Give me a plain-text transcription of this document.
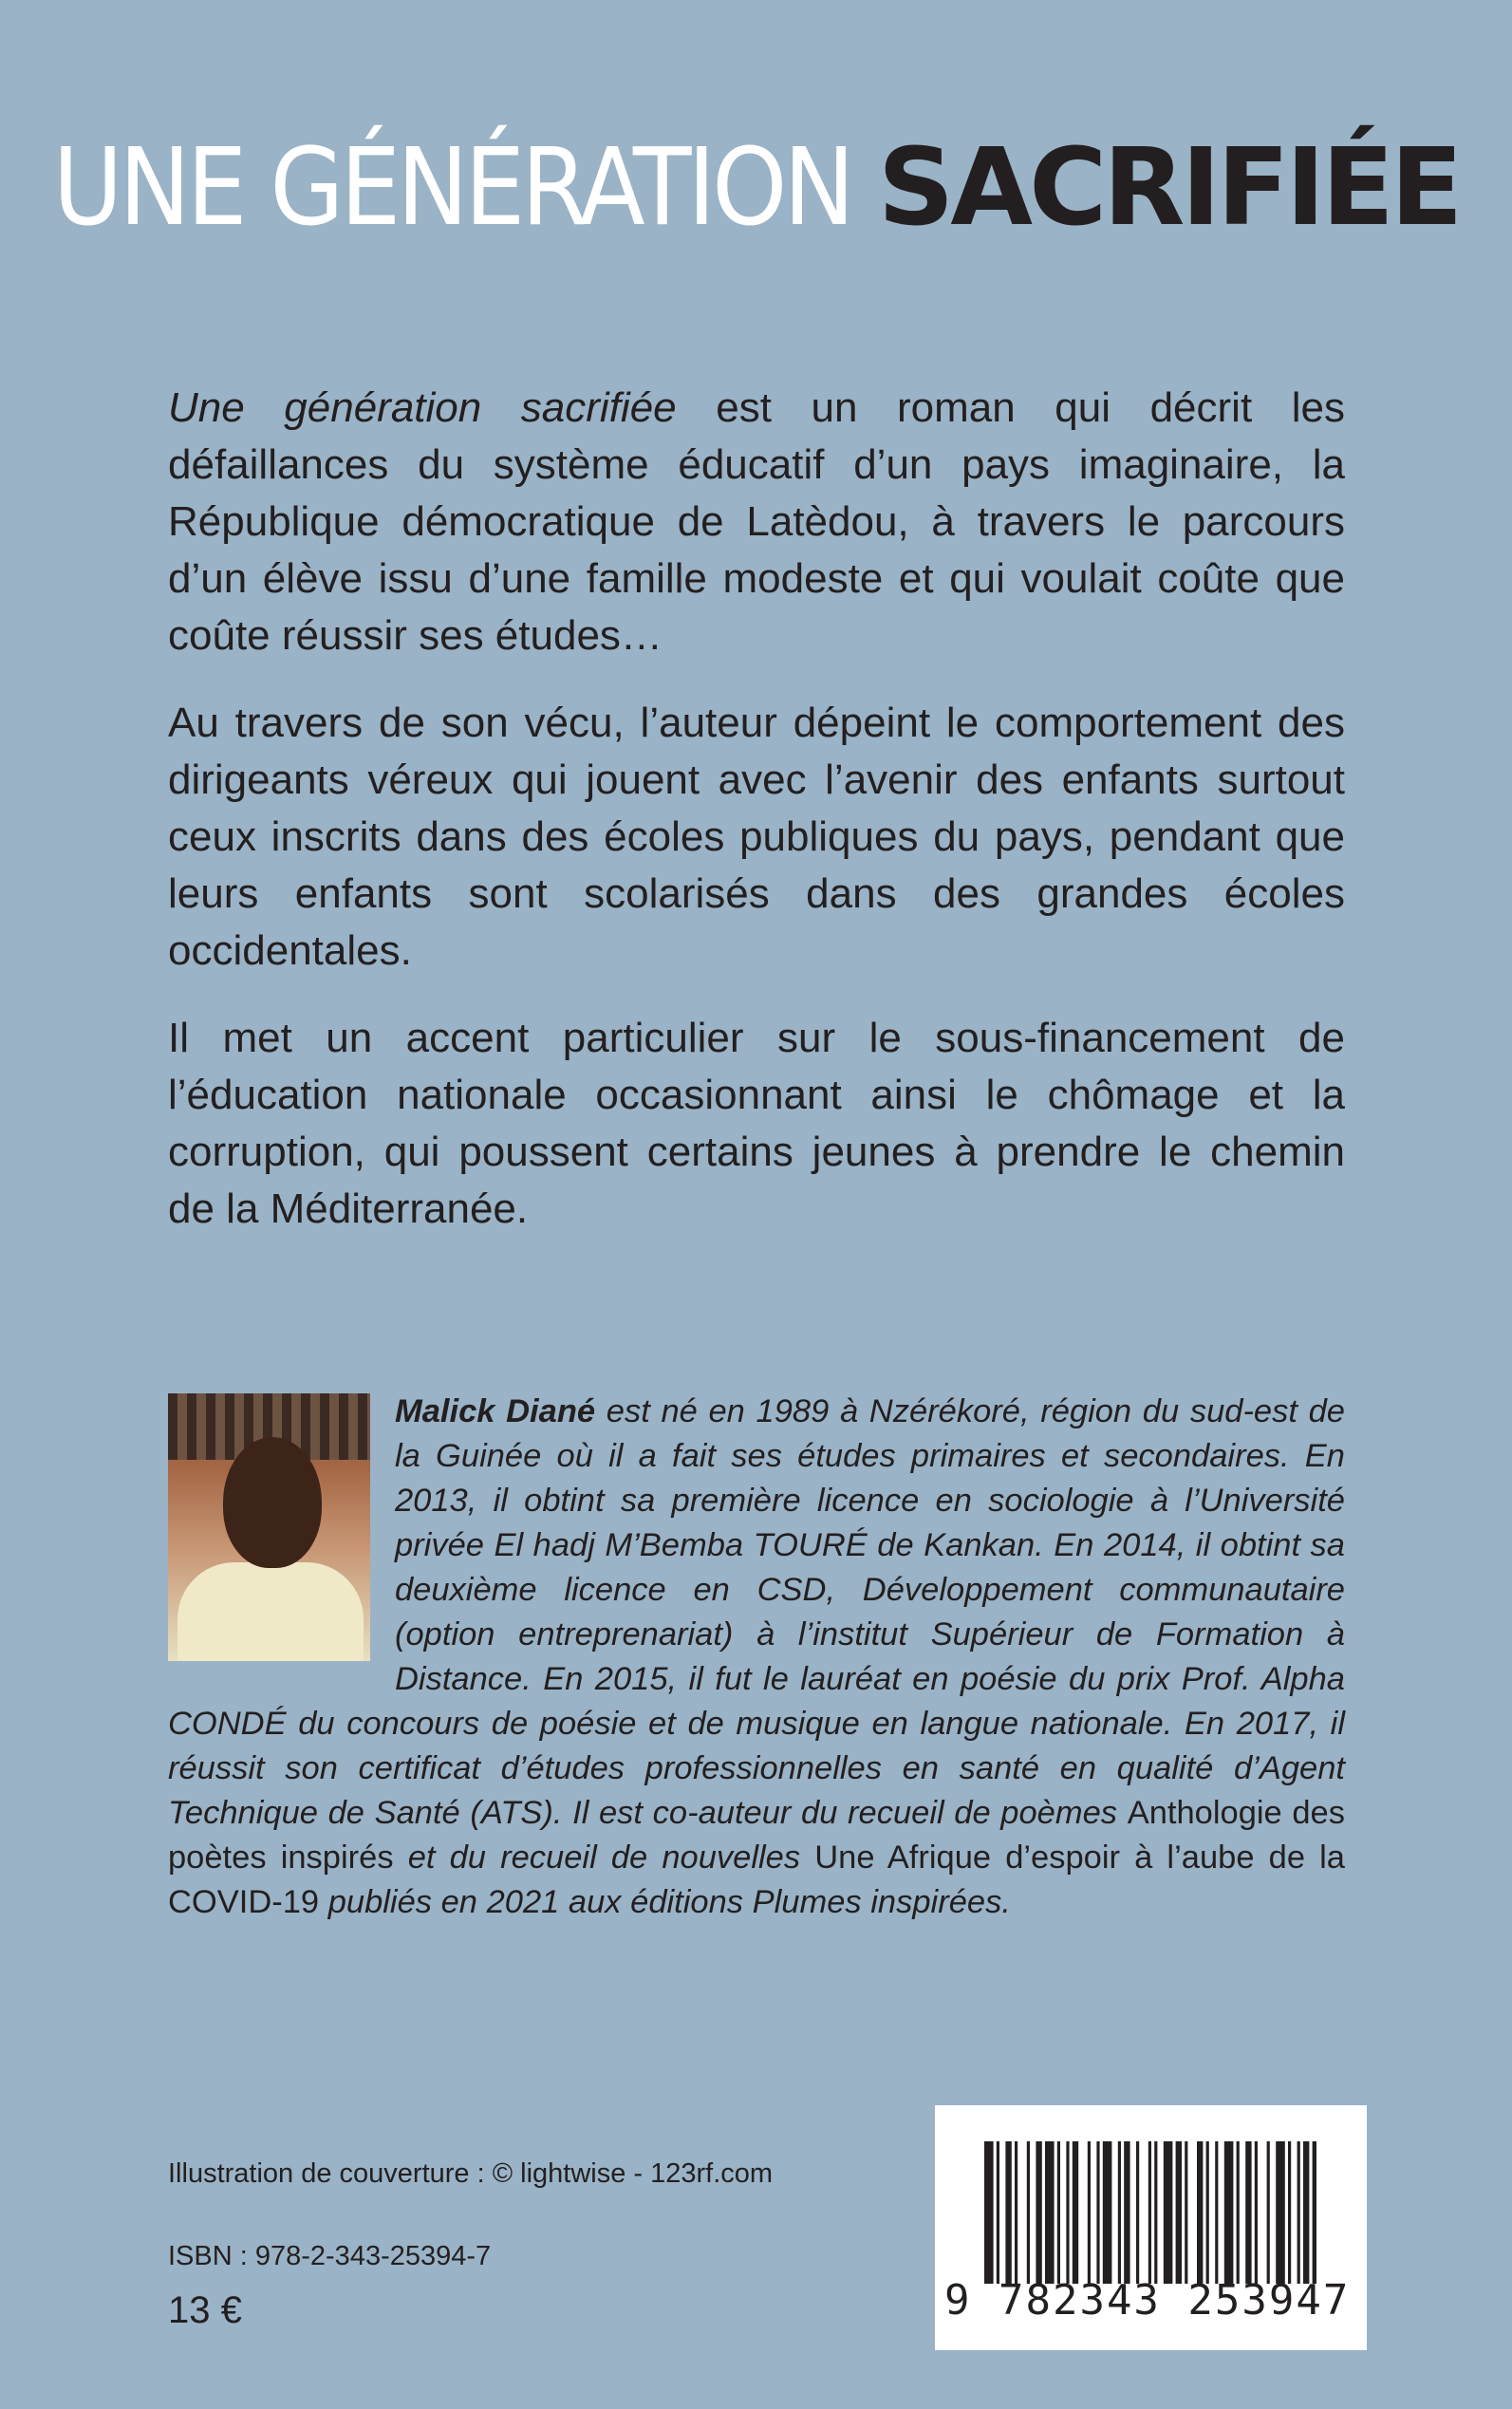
UNE GÉNÉRATION SACRIFIÉE

Une génération sacrifiée est un roman qui décrit les défaillances du système éducatif d’un pays imaginaire, la République démocratique de Latèdou, à travers le parcours d’un élève issu d’une famille modeste et qui voulait coûte que coûte réussir ses études…

Au travers de son vécu, l’auteur dépeint le comportement des dirigeants véreux qui jouent avec l’avenir des enfants surtout ceux inscrits dans des écoles publiques du pays, pendant que leurs enfants sont scolarisés dans des grandes écoles occidentales.

Il met un accent particulier sur le sous-financement de l’éducation nationale occasionnant ainsi le chômage et la corruption, qui poussent certains jeunes à prendre le chemin de la Méditerranée.

Malick Diané est né en 1989 à Nzérékoré, région du sud-est de la Guinée où il a fait ses études primaires et secondaires. En 2013, il obtint sa première licence en sociologie à l’Université privée El hadj M’Bemba TOURÉ de Kankan. En 2014, il obtint sa deuxième licence en CSD, Développement communautaire (option entreprenariat) à l’institut Supérieur de Formation à Distance. En 2015, il fut le lauréat en poésie du prix Prof. Alpha CONDÉ du concours de poésie et de musique en langue nationale. En 2017, il réussit son certificat d’études professionnelles en santé en qualité d’Agent Technique de Santé (ATS). Il est co-auteur du recueil de poèmes Anthologie des poètes inspirés et du recueil de nouvelles Une Afrique d’espoir à l’aube de la COVID-19 publiés en 2021 aux éditions Plumes inspirées.
Illustration de couverture : © lightwise - 123rf.com
ISBN : 978-2-343-25394-7
13 €	9 782343 253947
